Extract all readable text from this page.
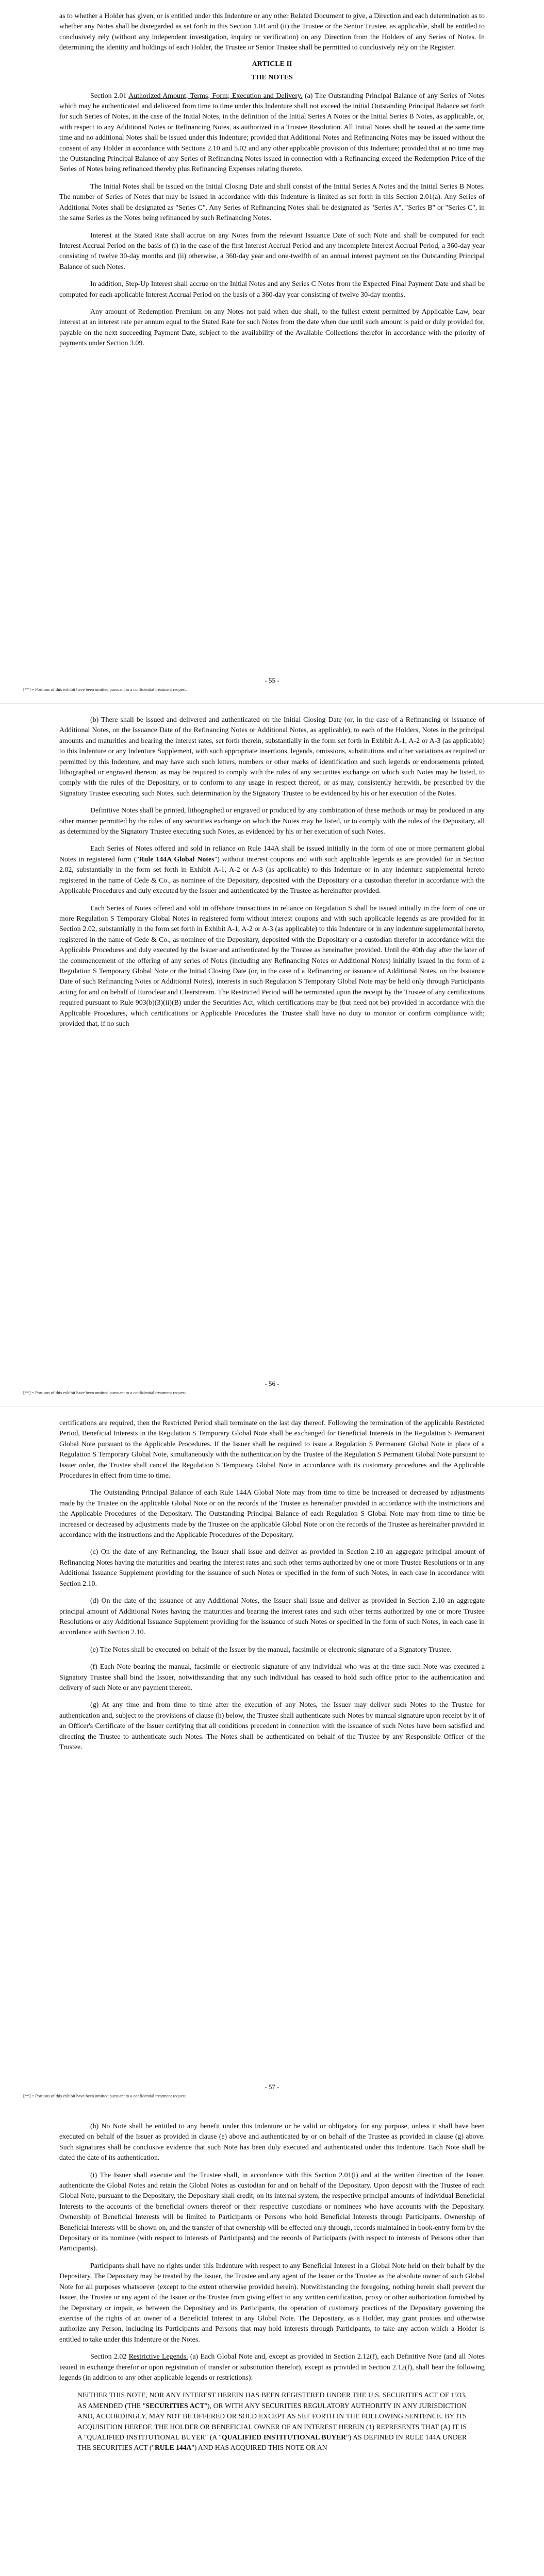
as to whether a Holder has given, or is entitled under this Indenture or any other Related Document to give, a Direction and each determination as to whether any Notes shall be disregarded as set forth in this Section 1.04 and (ii) the Trustee or the Senior Trustee, as applicable, shall be entitled to conclusively rely (without any independent investigation, inquiry or verification) on any Direction from the Holders of any Series of Notes. In determining the identity and holdings of each Holder, the Trustee or Senior Trustee shall be permitted to conclusively rely on the Register.

ARTICLE II
THE NOTES

Section 2.01 Authorized Amount; Terms; Form; Execution and Delivery. (a) The Outstanding Principal Balance of any Series of Notes which may be authenticated and delivered from time to time under this Indenture shall not exceed the initial Outstanding Principal Balance set forth for such Series of Notes, in the case of the Initial Notes, in the definition of the Initial Series A Notes or the Initial Series B Notes, as applicable, or, with respect to any Additional Notes or Refinancing Notes, as authorized in a Trustee Resolution. All Initial Notes shall be issued at the same time time and no additional Notes shall be issued under this Indenture; provided that Additional Notes and Refinancing Notes may be issued without the consent of any Holder in accordance with Sections 2.10 and 5.02 and any other applicable provision of this Indenture; provided that at no time may the Outstanding Principal Balance of any Series of Refinancing Notes issued in connection with a Refinancing exceed the Redemption Price of the Series of Notes being refinanced thereby plus Refinancing Expenses relating thereto.

The Initial Notes shall be issued on the Initial Closing Date and shall consist of the Initial Series A Notes and the Initial Series B Notes. The number of Series of Notes that may be issued in accordance with this Indenture is limited as set forth in this Section 2.01(a). Any Series of Additional Notes shall be designated as "Series C". Any Series of Refinancing Notes shall be designated as "Series A", "Series B" or "Series C", in the same Series as the Notes being refinanced by such Refinancing Notes.

Interest at the Stated Rate shall accrue on any Notes from the relevant Issuance Date of such Note and shall be computed for each Interest Accrual Period on the basis of (i) in the case of the first Interest Accrual Period and any incomplete Interest Accrual Period, a 360-day year consisting of twelve 30-day months and (ii) otherwise, a 360-day year and one-twelfth of an annual interest payment on the Outstanding Principal Balance of such Notes.

In addition, Step-Up Interest shall accrue on the Initial Notes and any Series C Notes from the Expected Final Payment Date and shall be computed for each applicable Interest Accrual Period on the basis of a 360-day year consisting of twelve 30-day months.

Any amount of Redemption Premium on any Notes not paid when due shall, to the fullest extent permitted by Applicable Law, bear interest at an interest rate per annum equal to the Stated Rate for such Notes from the date when due until such amount is paid or duly provided for, payable on the next succeeding Payment Date, subject to the availability of the Available Collections therefor in accordance with the priority of payments under Section 3.09.

- 55 -
[**] = Portions of this exhibit have been omitted pursuant to a confidential treatment request.

(b) There shall be issued and delivered and authenticated on the Initial Closing Date (or, in the case of a Refinancing or issuance of Additional Notes, on the Issuance Date of the Refinancing Notes or Additional Notes, as applicable), to each of the Holders, Notes in the principal amounts and maturities and bearing the interest rates, set forth therein, substantially in the form set forth in Exhibit A-1, A-2 or A-3 (as applicable) to this Indenture or any Indenture Supplement, with such appropriate insertions, legends, omissions, substitutions and other variations as required or permitted by this Indenture, and may have such such letters, numbers or other marks of identification and such legends or endorsements printed, lithographed or engraved thereon, as may be required to comply with the rules of any securities exchange on which such Notes may be listed, to comply with the rules of the Depositary, or to conform to any usage in respect thereof, or as may, consistently herewith, be prescribed by the Signatory Trustee executing such Notes, such determination by the Signatory Trustee to be evidenced by his or her execution of the Notes.

Definitive Notes shall be printed, lithographed or engraved or produced by any combination of these methods or may be produced in any other manner permitted by the rules of any securities exchange on which the Notes may be listed, or to comply with the rules of the Depositary, all as determined by the Signatory Trustee executing such Notes, as evidenced by his or her execution of such Notes.

Each Series of Notes offered and sold in reliance on Rule 144A shall be issued initially in the form of one or more permanent global Notes in registered form ("Rule 144A Global Notes") without interest coupons and with such applicable legends as are provided for in Section 2.02, substantially in the form set forth in Exhibit A-1, A-2 or A-3 (as applicable) to this Indenture or in any indenture supplemental hereto registered in the name of Cede & Co., as nominee of the Depositary, deposited with the Depositary or a custodian therefor in accordance with the Applicable Procedures and duly executed by the Issuer and authenticated by the Trustee as hereinafter provided.

Each Series of Notes offered and sold in offshore transactions in reliance on Regulation S shall be issued initially in the form of one or more Regulation S Temporary Global Notes in registered form without interest coupons and with such applicable legends as are provided for in Section 2.02, substantially in the form set forth in Exhibit A-1, A-2 or A-3 (as applicable) to this Indenture or in any indenture supplemental hereto, registered in the name of Cede & Co., as nominee of the Depositary, deposited with the Depositary or a custodian therefor in accordance with the Applicable Procedures and duly executed by the Issuer and authenticated by the Trustee as hereinafter provided. Until the 40th day after the later of the commencement of the offering of any series of Notes (including any Refinancing Notes or Additional Notes) initially issued in the form of a Regulation S Temporary Global Note or the Initial Closing Date (or, in the case of a Refinancing or issuance of Additional Notes, on the Issuance Date of such Refinancing Notes or Additional Notes), interests in such Regulation S Temporary Global Note may be held only through Participants acting for and on behalf of Euroclear and Clearstream. The Restricted Period will be terminated upon the receipt by the Trustee of any certifications required pursuant to Rule 903(b)(3)(ii)(B) under the Securities Act, which certifications may be (but need not be) provided in accordance with the Applicable Procedures, which certifications or Applicable Procedures the Trustee shall have no duty to monitor or confirm compliance with; provided that, if no such

- 56 -
[**] = Portions of this exhibit have been omitted pursuant to a confidential treatment request.

certifications are required, then the Restricted Period shall terminate on the last day thereof. Following the termination of the applicable Restricted Period, Beneficial Interests in the Regulation S Temporary Global Note shall be exchanged for Beneficial Interests in the Regulation S Permanent Global Note pursuant to the Applicable Procedures. If the Issuer shall be required to issue a Regulation S Permanent Global Note in place of a Regulation S Temporary Global Note, simultaneously with the authentication by the Trustee of the Regulation S Permanent Global Note pursuant to Issuer order, the Trustee shall cancel the Regulation S Temporary Global Note in accordance with its customary procedures and the Applicable Procedures in effect from time to time.

The Outstanding Principal Balance of each Rule 144A Global Note may from time to time be increased or decreased by adjustments made by the Trustee on the applicable Global Note or on the records of the Trustee as hereinafter provided in accordance with the instructions and the Applicable Procedures of the Depositary. The Outstanding Principal Balance of each Regulation S Global Note may from time to time be increased or decreased by adjustments made by the Trustee on the applicable Global Note or on the records of the Trustee as hereinafter provided in accordance with the instructions and the Applicable Procedures of the Depositary.

(c) On the date of any Refinancing, the Issuer shall issue and deliver as provided in Section 2.10 an aggregate principal amount of Refinancing Notes having the maturities and bearing the interest rates and such other terms authorized by one or more Trustee Resolutions or in any Additional Issuance Supplement providing for the issuance of such Notes or specified in the form of such Notes, in each case in accordance with Section 2.10.

(d) On the date of the issuance of any Additional Notes, the Issuer shall issue and deliver as provided in Section 2.10 an aggregate principal amount of Additional Notes having the maturities and bearing the interest rates and such other terms authorized by one or more Trustee Resolutions or any Additional Issuance Supplement providing for the issuance of such Notes or specified in the form of such Notes, in each case in accordance with Section 2.10.

(e) The Notes shall be executed on behalf of the Issuer by the manual, facsimile or electronic signature of a Signatory Trustee.

(f) Each Note bearing the manual, facsimile or electronic signature of any individual who was at the time such Note was executed a Signatory Trustee shall bind the Issuer, notwithstanding that any such individual has ceased to hold such office prior to the authentication and delivery of such Note or any payment thereon.

(g) At any time and from time to time after the execution of any Notes, the Issuer may deliver such Notes to the Trustee for authentication and, subject to the provisions of clause (h) below, the Trustee shall authenticate such Notes by manual signature upon receipt by it of an Officer's Certificate of the Issuer certifying that all conditions precedent in connection with the issuance of such Notes have been satisfied and directing the Trustee to authenticate such Notes. The Notes shall be authenticated on behalf of the Trustee by any Responsible Officer of the Trustee.

- 57 -
[**] = Portions of this exhibit have been omitted pursuant to a confidential treatment request.

(h) No Note shall be entitled to any benefit under this Indenture or be valid or obligatory for any purpose, unless it shall have been executed on behalf of the Issuer as provided in clause (e) above and authenticated by or on behalf of the Trustee as provided in clause (g) above. Such signatures shall be conclusive evidence that such Note has been duly executed and authenticated under this Indenture. Each Note shall be dated the date of its authentication.

(i) The Issuer shall execute and the Trustee shall, in accordance with this Section 2.01(i) and at the written direction of the Issuer, authenticate the Global Notes and retain the Global Notes as custodian for and on behalf of the Depositary. Upon deposit with the Trustee of each Global Note, pursuant to the Depositary, the Depositary shall credit, on its internal system, the respective principal amounts of individual Beneficial Interests to the accounts of the beneficial owners thereof or their respective custodians or nominees who have accounts with the Depositary. Ownership of Beneficial Interests will be limited to Participants or Persons who hold Beneficial Interests through Participants. Ownership of Beneficial Interests will be shown on, and the transfer of that ownership will be effected only through, records maintained in book-entry form by the Depositary or its nominee (with respect to interests of Participants) and the records of Participants (with respect to interests of Persons other than Participants).

Participants shall have no rights under this Indenture with respect to any Beneficial Interest in a Global Note held on their behalf by the Depositary. The Depositary may be treated by the Issuer, the Trustee and any agent of the Issuer or the Trustee as the absolute owner of such Global Note for all purposes whatsoever (except to the extent otherwise provided herein). Notwithstanding the foregoing, nothing herein shall prevent the Issuer, the Trustee or any agent of the Issuer or the Trustee from giving effect to any written certification, proxy or other authorization furnished by the Depositary or impair, as between the Depositary and its Participants, the operation of customary practices of the Depositary governing the exercise of the rights of an owner of a Beneficial Interest in any Global Note. The Depositary, as a Holder, may grant proxies and otherwise authorize any Person, including its Participants and Persons that may hold interests through Participants, to take any action which a Holder is entitled to take under this Indenture or the Notes.

Section 2.02 Restrictive Legends. (a) Each Global Note and, except as provided in Section 2.12(f), each Definitive Note (and all Notes issued in exchange therefor or upon registration of transfer or substitution therefor), except as provided in Section 2.12(f), shall bear the following legends (in addition to any other applicable legends or restrictions):

NEITHER THIS NOTE, NOR ANY INTEREST HEREIN HAS BEEN REGISTERED UNDER THE U.S. SECURITIES ACT OF 1933, AS AMENDED (THE "SECURITIES ACT"), OR WITH ANY SECURITIES REGULATORY AUTHORITY IN ANY JURISDICTION AND, ACCORDINGLY, MAY NOT BE OFFERED OR SOLD EXCEPT AS SET FORTH IN THE FOLLOWING SENTENCE. BY ITS ACQUISITION HEREOF, THE HOLDER OR BENEFICIAL OWNER OF AN INTEREST HEREIN (1) REPRESENTS THAT (A) IT IS A "QUALIFIED INSTITUTIONAL BUYER" (A "QUALIFIED INSTITUTIONAL BUYER") AS DEFINED IN RULE 144A UNDER THE SECURITIES ACT ("RULE 144A") AND HAS ACQUIRED THIS NOTE OR AN
